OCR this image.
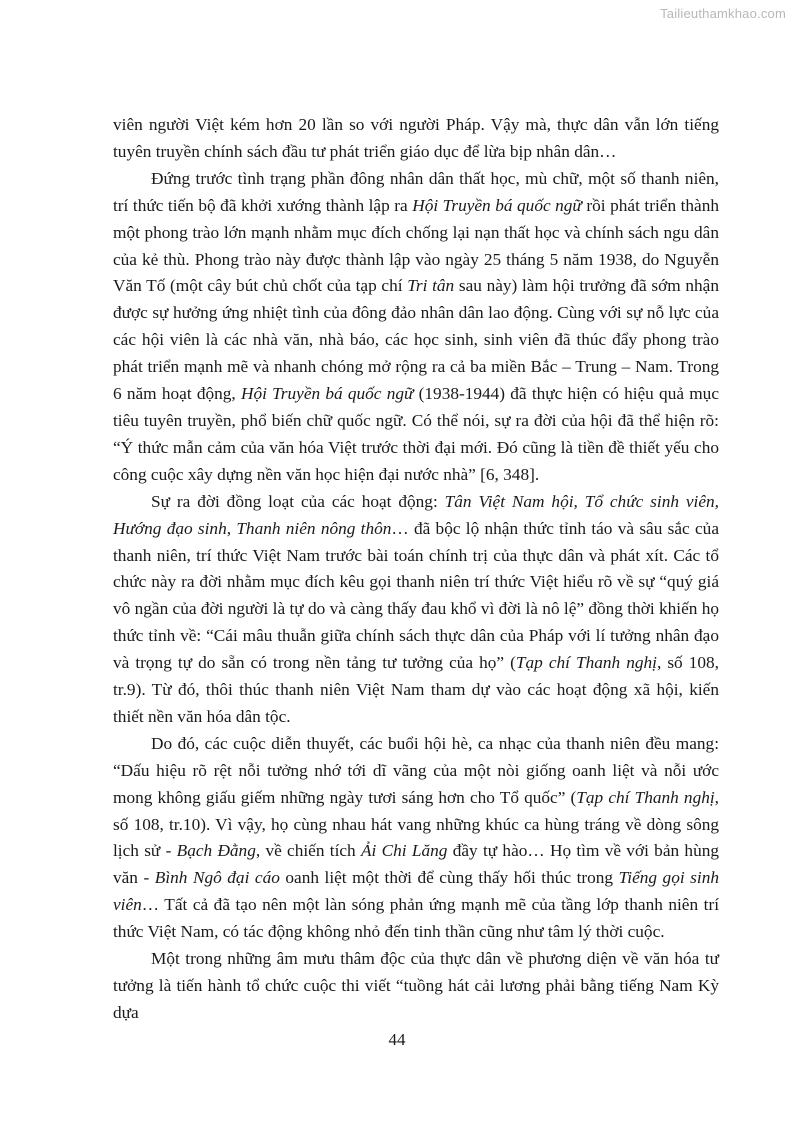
Tailieuthamkhao.com

viên người Việt kém hơn 20 lần so với người Pháp. Vậy mà, thực dân vẫn lớn tiếng tuyên truyền chính sách đầu tư phát triển giáo dục để lừa bịp nhân dân…

Đứng trước tình trạng phần đông nhân dân thất học, mù chữ, một số thanh niên, trí thức tiến bộ đã khởi xướng thành lập ra Hội Truyền bá quốc ngữ rồi phát triển thành một phong trào lớn mạnh nhằm mục đích chống lại nạn thất học và chính sách ngu dân của kẻ thù. Phong trào này được thành lập vào ngày 25 tháng 5 năm 1938, do Nguyễn Văn Tố (một cây bút chủ chốt của tạp chí Tri tân sau này) làm hội trưởng đã sớm nhận được sự hưởng ứng nhiệt tình của đông đảo nhân dân lao động. Cùng với sự nỗ lực của các hội viên là các nhà văn, nhà báo, các học sinh, sinh viên đã thúc đẩy phong trào phát triển mạnh mẽ và nhanh chóng mở rộng ra cả ba miền Bắc – Trung – Nam. Trong 6 năm hoạt động, Hội Truyền bá quốc ngữ (1938-1944) đã thực hiện có hiệu quả mục tiêu tuyên truyền, phổ biến chữ quốc ngữ. Có thể nói, sự ra đời của hội đã thể hiện rõ: “Ý thức mẫn cảm của văn hóa Việt trước thời đại mới. Đó cũng là tiền đề thiết yếu cho công cuộc xây dựng nền văn học hiện đại nước nhà” [6, 348].

Sự ra đời đồng loạt của các hoạt động: Tân Việt Nam hội, Tổ chức sinh viên, Hướng đạo sinh, Thanh niên nông thôn… đã bộc lộ nhận thức tỉnh táo và sâu sắc của thanh niên, trí thức Việt Nam trước bài toán chính trị của thực dân và phát xít. Các tổ chức này ra đời nhằm mục đích kêu gọi thanh niên trí thức Việt hiểu rõ về sự “quý giá vô ngần của đời người là tự do và càng thấy đau khổ vì đời là nô lệ” đồng thời khiến họ thức tỉnh về: “Cái mâu thuẫn giữa chính sách thực dân của Pháp với lí tưởng nhân đạo và trọng tự do sẵn có trong nền tảng tư tưởng của họ” (Tạp chí Thanh nghị, số 108, tr.9). Từ đó, thôi thúc thanh niên Việt Nam tham dự vào các hoạt động xã hội, kiến thiết nền văn hóa dân tộc.

Do đó, các cuộc diễn thuyết, các buổi hội hè, ca nhạc của thanh niên đều mang: “Dấu hiệu rõ rệt nỗi tưởng nhớ tới dĩ vãng của một nòi giống oanh liệt và nỗi ước mong không giấu giếm những ngày tươi sáng hơn cho Tổ quốc” (Tạp chí Thanh nghị, số 108, tr.10). Vì vậy, họ cùng nhau hát vang những khúc ca hùng tráng về dòng sông lịch sử - Bạch Đằng, về chiến tích Ải Chi Lăng đầy tự hào… Họ tìm về với bản hùng văn - Bình Ngô đại cáo oanh liệt một thời để cùng thấy hối thúc trong Tiếng gọi sinh viên… Tất cả đã tạo nên một làn sóng phản ứng mạnh mẽ của tầng lớp thanh niên trí thức Việt Nam, có tác động không nhỏ đến tinh thần cũng như tâm lý thời cuộc.

Một trong những âm mưu thâm độc của thực dân về phương diện về văn hóa tư tưởng là tiến hành tổ chức cuộc thi viết “tuồng hát cải lương phải bằng tiếng Nam Kỳ dựa

44
